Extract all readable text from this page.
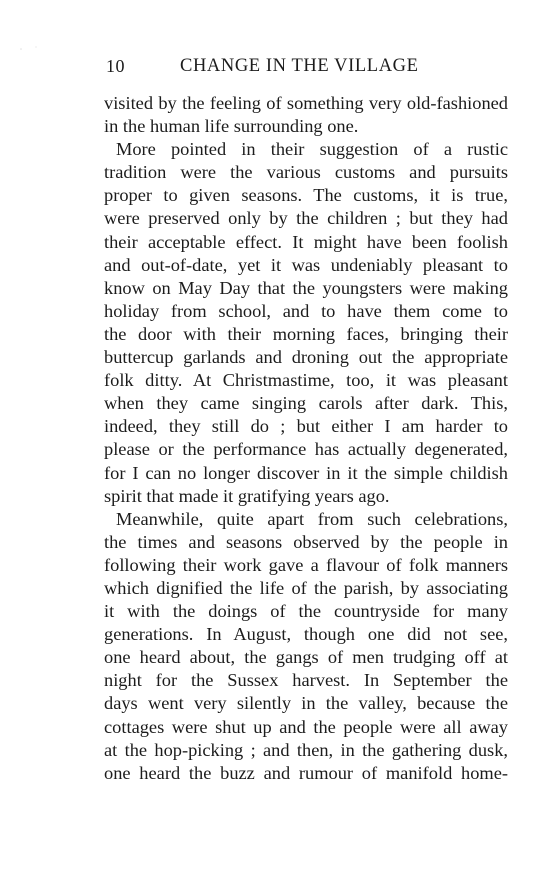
10	CHANGE IN THE VILLAGE
visited by the feeling of something very old-fashioned
in the human life surrounding one.
More pointed in their suggestion of a rustic
tradition were the various customs and pursuits
proper to given seasons. The customs, it is true,
were preserved only by the children ; but they had
their acceptable effect. It might have been foolish
and out-of-date, yet it was undeniably pleasant to
know on May Day that the youngsters were making
holiday from school, and to have them come to
the door with their morning faces, bringing their
buttercup garlands and droning out the appropriate
folk ditty. At Christmastime, too, it was pleasant
when they came singing carols after dark. This,
indeed, they still do ; but either I am harder to
please or the performance has actually degenerated,
for I can no longer discover in it the simple childish
spirit that made it gratifying years ago.
Meanwhile, quite apart from such celebrations,
the times and seasons observed by the people in
following their work gave a flavour of folk manners
which dignified the life of the parish, by associating
it with the doings of the countryside for many
generations. In August, though one did not see,
one heard about, the gangs of men trudging off at
night for the Sussex harvest. In September the
days went very silently in the valley, because the
cottages were shut up and the people were all away
at the hop-picking ; and then, in the gathering dusk,
one heard the buzz and rumour of manifold home-
